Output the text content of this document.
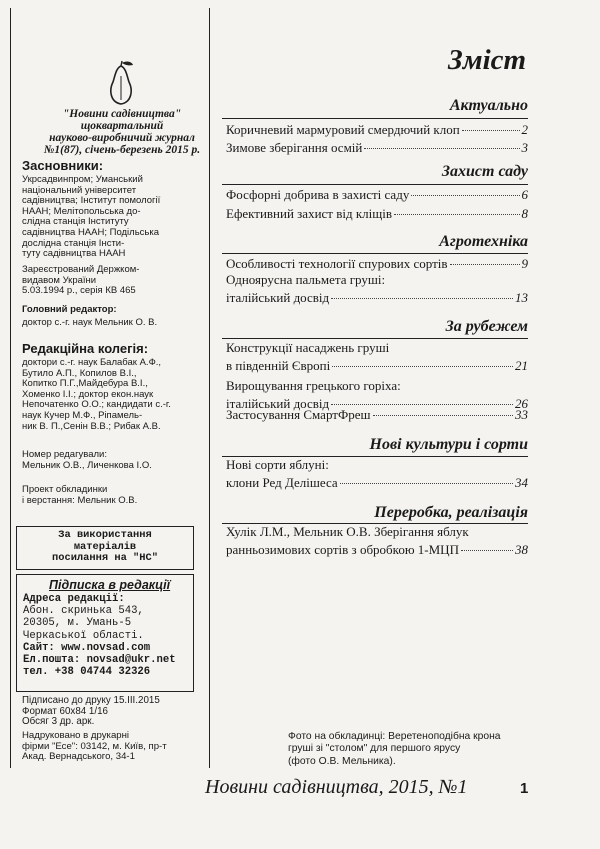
"Новини садівництва"
щоквартальний
науково-виробничий журнал
№1(87), січень-березень 2015 р.
Засновники:
Укрсадвинпром; Уманський
національний університет
садівництва; Інститут помології
НААН; Мелітопольська до-
слідна станція Інституту
садівництва НААН; Подільська
дослідна станція Інсти-
туту садівництва НААН
Зареєстрований Держком-
видавом України
5.03.1994 р., серія КВ 465
Головний редактор:
доктор с.-г. наук Мельник О. В.
Редакційна колегія:
доктори с.-г. наук Балабак А.Ф.,
Бутило А.П., Копилов В.І.,
Копитко П.Г.,Майдебура В.І.,
Хоменко І.І.; доктор екон.наук
Непочатенко О.О.; кандидати с.-г.
наук Кучер М.Ф., Ріпамель-
ник В. П.,Сенін В.В.; Рибак А.В.
Номер редагували:
Мельник О.В., Личенкова І.О.
Проект обкладинки
і верстання: Мельник О.В.
За використання
матеріалів
посилання на "НС"
Підписка в редакції
Адреса редакції:
Абон. скринька 543,
20305, м. Умань-5
Черкаської області.
Сайт: www.novsad.com
Ел.пошта: novsad@ukr.net
тел. +38 04744 32326
Підписано до друку 15.ІІІ.2015
Формат 60х84 1/16
Обсяг 3 др. арк.
Надруковано в друкарні
фірми "Есе": 03142, м. Київ, пр-т
Акад. Вернадського, 34-1
Зміст
Актуально
Коричневий мармуровий смердючий клоп	2
Зимове зберігання осмій	3
Захист саду
Фосфорні добрива в захисті саду	6
Ефективний захист від кліщів	8
Агротехніка
Особливості технології спурових сортів	9
Одноярусна пальмета груші:
італійський досвід	13
За рубежем
Конструкції насаджень груші
в південній Європі	21
Вирощування грецького горіха:
італійський досвід	26
Застосування СмартФреш	33
Нові культури і сорти
Нові сорти яблуні:
клони Ред Делішеса	34
Переробка, реалізація
Хулік Л.М., Мельник О.В. Зберігання яблук
ранньозимових сортів з обробкою 1-МЦП	38
Фото на обкладинці: Веретеноподібна крона
груші зі "столом" для першого ярусу
(фото О.В. Мельника).
Новини садівництва, 2015, №1	1
